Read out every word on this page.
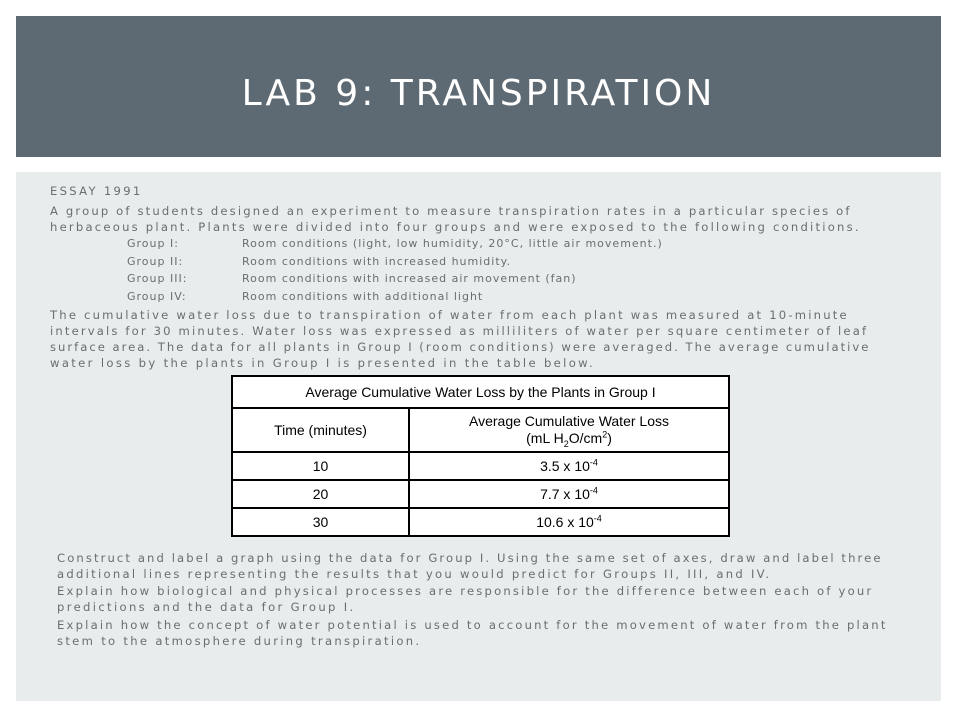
LAB 9: TRANSPIRATION

ESSAY 1991

A group of students designed an experiment to measure transpiration rates in a particular species of

herbaceous plant. Plants were divided into four groups and were exposed to the following conditions.

Group I:	Room conditions (light, low humidity, 20°C, little air movement.)

Group II:	Room conditions with increased humidity.

Group III:	Room conditions with increased air movement (fan)

Group IV:	Room conditions with additional light

The cumulative water loss due to transpiration of water from each plant was measured at 10-minute

intervals for 30 minutes. Water loss was expressed as milliliters of water per square centimeter of leaf

surface area. The data for all plants in Group I (room conditions) were averaged. The average cumulative

water loss by the plants in Group I is presented in the table below.

Average Cumulative Water Loss by the Plants in Group I	
Time (minutes)	Average Cumulative Water Loss
(mL $H_2O/cm^2$)
10	3.5 x $10^{-4}$
20	7.7 x $10^{-4}$
30	10.6 x $10^{-4}$

Construct and label a graph using the data for Group I. Using the same set of axes, draw and label three

additional lines representing the results that you would predict for Groups II, III, and IV.

Explain how biological and physical processes are responsible for the difference between each of your

predictions and the data for Group I.

Explain how the concept of water potential is used to account for the movement of water from the plant

stem to the atmosphere during transpiration.
